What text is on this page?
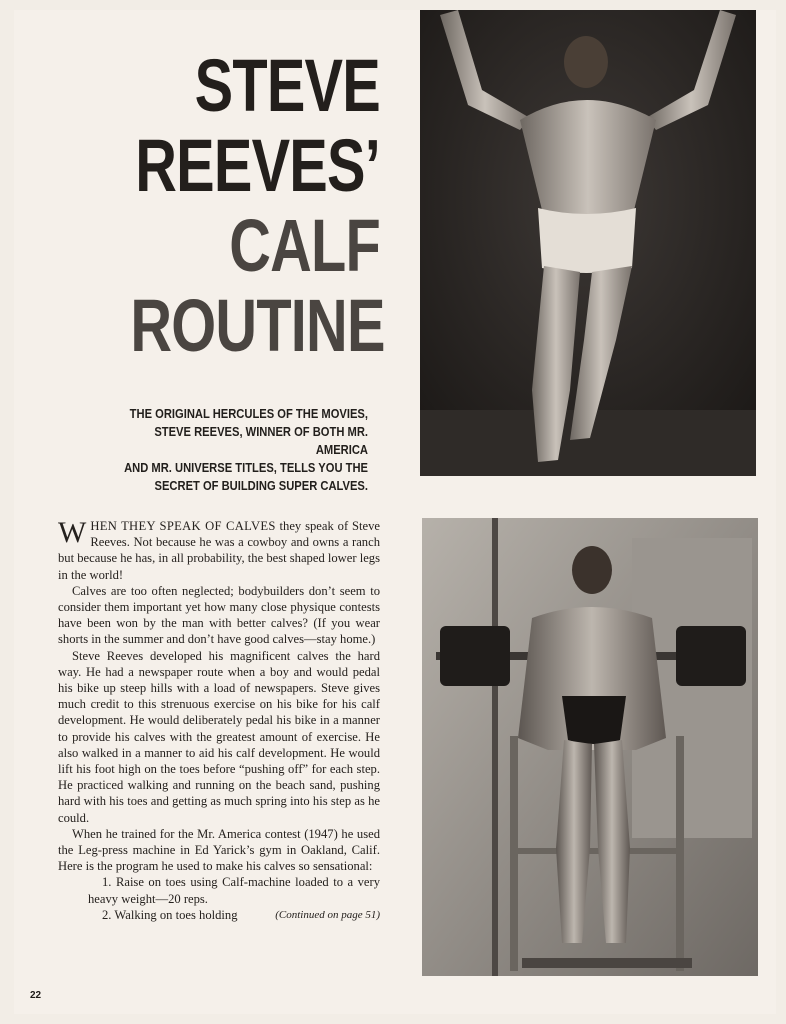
STEVE
REEVES’
CALF
ROUTINE
THE ORIGINAL HERCULES OF THE MOVIES,
STEVE REEVES, WINNER OF BOTH MR. AMERICA
AND MR. UNIVERSE TITLES, TELLS YOU THE
SECRET OF BUILDING SUPER CALVES.

WHEN THEY SPEAK OF CALVES they speak of Steve Reeves. Not because he was a cowboy and owns a ranch but because he has, in all probability, the best shaped lower legs in the world!

Calves are too often neglected; bodybuilders don’t seem to consider them important yet how many close physique contests have been won by the man with better calves? (If you wear shorts in the summer and don’t have good calves—stay home.)

Steve Reeves developed his magnificent calves the hard way. He had a newspaper route when a boy and would pedal his bike up steep hills with a load of newspapers. Steve gives much credit to this strenuous exercise on his bike for his calf development. He would deliberately pedal his bike in a manner to provide his calves with the greatest amount of exercise. He also walked in a manner to aid his calf development. He would lift his foot high on the toes before “pushing off” for each step. He practiced walking and running on the beach sand, pushing hard with his toes and getting as much spring into his step as he could.

When he trained for the Mr. America contest (1947) he used the Leg-press machine in Ed Yarick’s gym in Oakland, Calif. Here is the program he used to make his calves so sensational:

1. Raise on toes using Calf-machine loaded to a very heavy weight—20 reps.

2. Walking on toes holding	(Continued on page 51)

22
